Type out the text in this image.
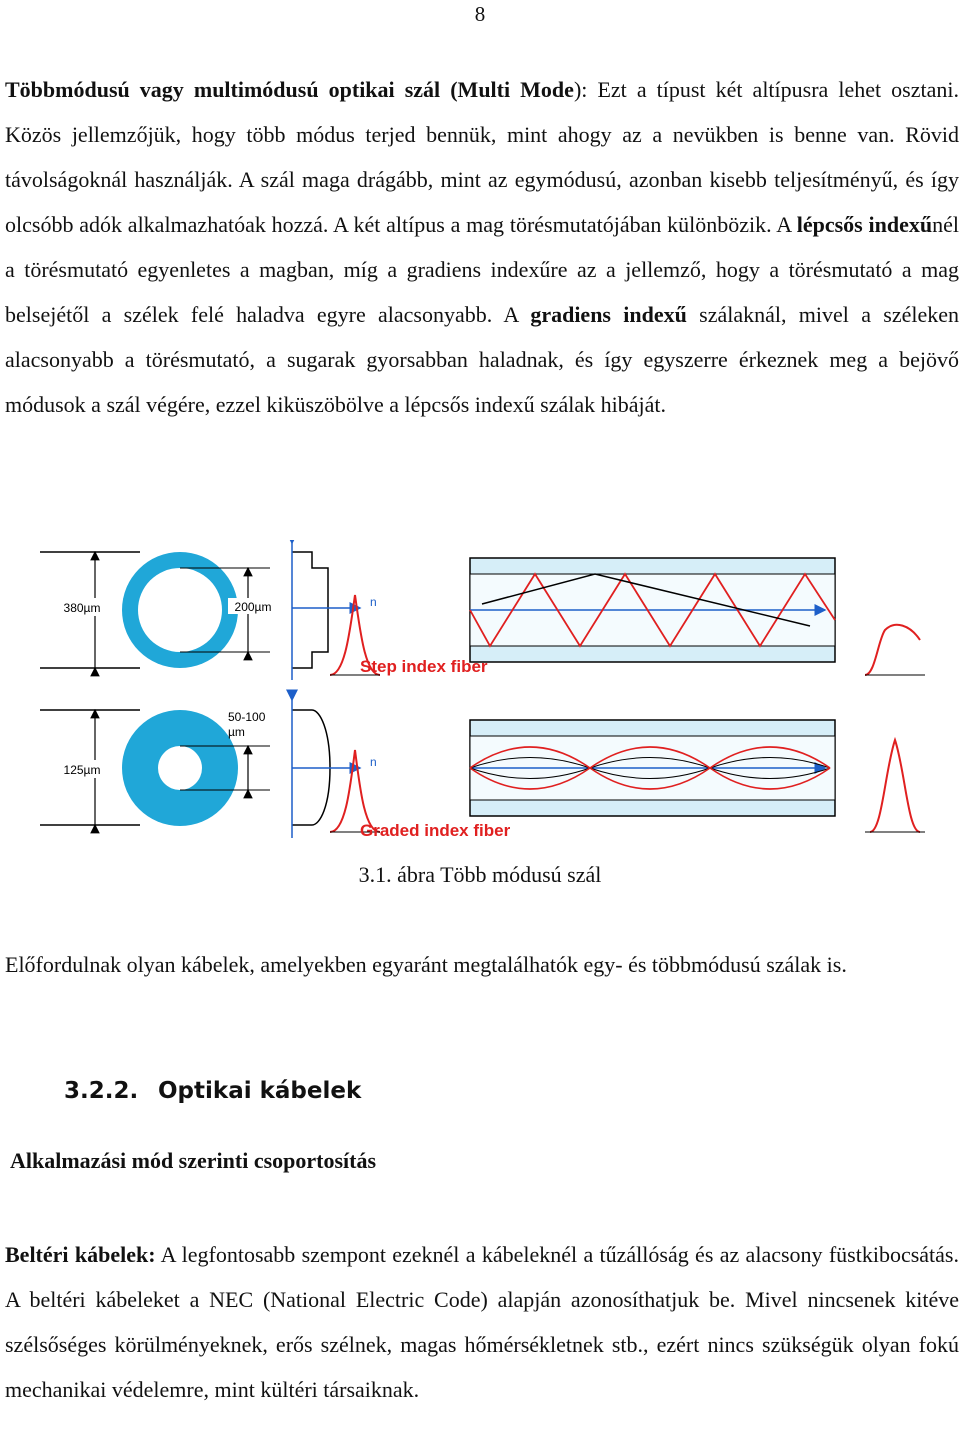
8

Többmódusú vagy multimódusú optikai szál (Multi Mode): Ezt a típust két altípusra lehet osztani. Közös jellemzőjük, hogy több módus terjed bennük, mint ahogy az a nevükben is benne van. Rövid távolságoknál használják. A szál maga drágább, mint az egymódusú, azonban kisebb teljesítményű, és így olcsóbb adók alkalmazhatóak hozzá. A két altípus a mag törésmutatójában különbözik. A lépcsős indexűnél a törésmutató egyenletes a magban, míg a gradiens indexűre az a jellemző, hogy a törésmutató a mag belsejétől a szélek felé haladva egyre alacsonyabb. A gradiens indexű szálaknál, mivel a széleken alacsonyabb a törésmutató, a sugarak gyorsabban haladnak, és így egyszerre érkeznek meg a bejövő módusok a szál végére, ezzel kiküszöbölve a lépcsős indexű szálak hibáját.

380µm	200µm	n
Step index fiber
125µm
50-100
µm
n
Graded index fiber
3.1. ábra Több módusú szál

Előfordulnak olyan kábelek, amelyekben egyaránt megtalálhatók egy- és többmódusú szálak is.

3.2.2. Optikai kábelek
Alkalmazási mód szerinti csoportosítás

Beltéri kábelek: A legfontosabb szempont ezeknél a kábeleknél a tűzállóság és az alacsony füstkibocsátás. A beltéri kábeleket a NEC (National Electric Code) alapján azonosíthatjuk be. Mivel nincsenek kitéve szélsőséges körülményeknek, erős szélnek, magas hőmérsékletnek stb., ezért nincs szükségük olyan fokú mechanikai védelemre, mint kültéri társaiknak.
